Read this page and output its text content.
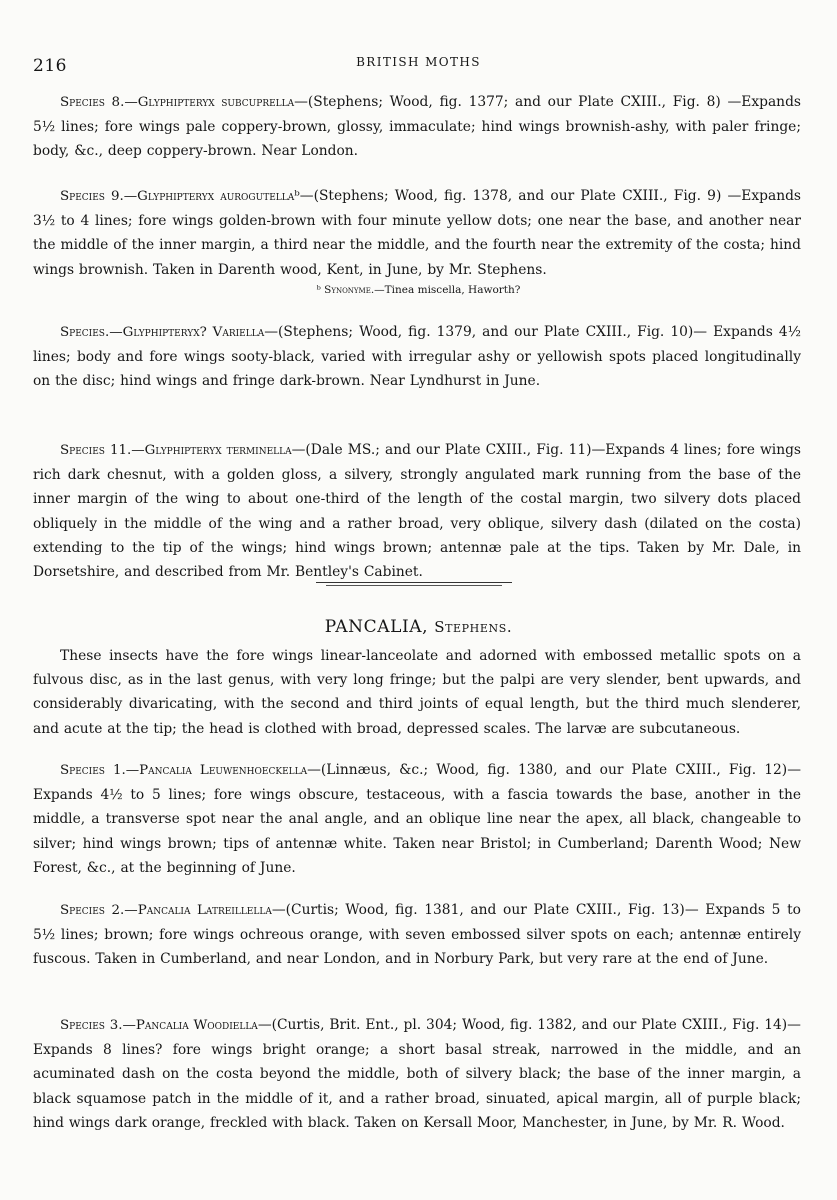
216	BRITISH MOTHS

Species 8.—Glyphipteryx subcuprella—(Stephens; Wood, fig. 1377; and our Plate CXIII., Fig. 8) —Expands 5½ lines; fore wings pale coppery-brown, glossy, immaculate; hind wings brownish-ashy, with paler fringe; body, &c., deep coppery-brown. Near London.

Species 9.—Glyphipteryx aurogutellaᵇ—(Stephens; Wood, fig. 1378, and our Plate CXIII., Fig. 9) —Expands 3½ to 4 lines; fore wings golden-brown with four minute yellow dots; one near the base, and another near the middle of the inner margin, a third near the middle, and the fourth near the extremity of the costa; hind wings brownish. Taken in Darenth wood, Kent, in June, by Mr. Stephens.

ᵇ Synonyme.—Tinea miscella, Haworth?

Species.—Glyphipteryx? Variella—(Stephens; Wood, fig. 1379, and our Plate CXIII., Fig. 10)— Expands 4½ lines; body and fore wings sooty-black, varied with irregular ashy or yellowish spots placed longitudinally on the disc; hind wings and fringe dark-brown. Near Lyndhurst in June.

Species 11.—Glyphipteryx terminella—(Dale MS.; and our Plate CXIII., Fig. 11)—Expands 4 lines; fore wings rich dark chesnut, with a golden gloss, a silvery, strongly angulated mark running from the base of the inner margin of the wing to about one-third of the length of the costal margin, two silvery dots placed obliquely in the middle of the wing and a rather broad, very oblique, silvery dash (dilated on the costa) extending to the tip of the wings; hind wings brown; antennæ pale at the tips. Taken by Mr. Dale, in Dorsetshire, and described from Mr. Bentley's Cabinet.

PANCALIA, Stephens.

These insects have the fore wings linear-lanceolate and adorned with embossed metallic spots on a fulvous disc, as in the last genus, with very long fringe; but the palpi are very slender, bent upwards, and considerably divaricating, with the second and third joints of equal length, but the third much slenderer, and acute at the tip; the head is clothed with broad, depressed scales. The larvæ are subcutaneous.

Species 1.—Pancalia Leuwenhoeckella—(Linnæus, &c.; Wood, fig. 1380, and our Plate CXIII., Fig. 12)—Expands 4½ to 5 lines; fore wings obscure, testaceous, with a fascia towards the base, another in the middle, a transverse spot near the anal angle, and an oblique line near the apex, all black, changeable to silver; hind wings brown; tips of antennæ white. Taken near Bristol; in Cumberland; Darenth Wood; New Forest, &c., at the beginning of June.

Species 2.—Pancalia Latreillella—(Curtis; Wood, fig. 1381, and our Plate CXIII., Fig. 13)— Expands 5 to 5½ lines; brown; fore wings ochreous orange, with seven embossed silver spots on each; antennæ entirely fuscous. Taken in Cumberland, and near London, and in Norbury Park, but very rare at the end of June.

Species 3.—Pancalia Woodiella—(Curtis, Brit. Ent., pl. 304; Wood, fig. 1382, and our Plate CXIII., Fig. 14)—Expands 8 lines? fore wings bright orange; a short basal streak, narrowed in the middle, and an acuminated dash on the costa beyond the middle, both of silvery black; the base of the inner margin, a black squamose patch in the middle of it, and a rather broad, sinuated, apical margin, all of purple black; hind wings dark orange, freckled with black. Taken on Kersall Moor, Manchester, in June, by Mr. R. Wood.
